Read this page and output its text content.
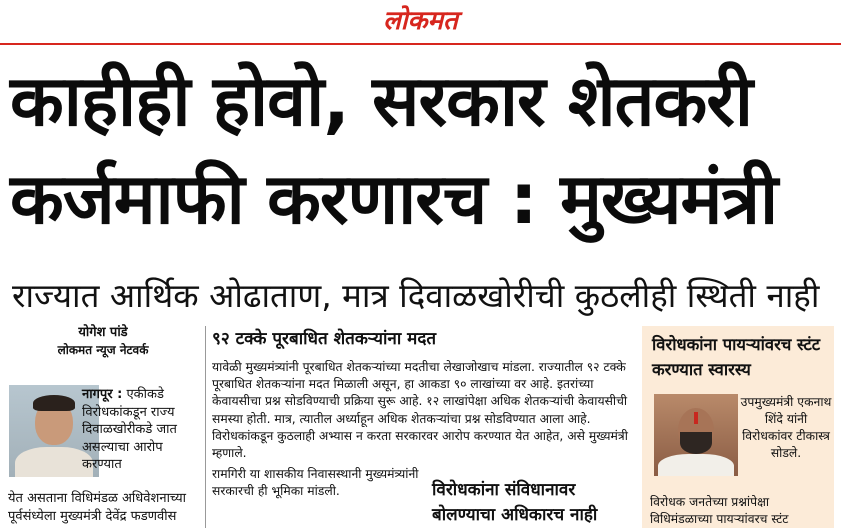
लोकमत
काहीही होवो, सरकार शेतकरी
कर्जमाफी करणारच : मुख्यमंत्री
राज्यात आर्थिक ओढाताण, मात्र दिवाळखोरीची कुठलीही स्थिती नाही
योगेश पांडे
लोकमत न्यूज नेटवर्क
नागपूर : एकीकडे विरोधकांकडून राज्य दिवाळखोरीकडे जात असल्याचा आरोप करण्यात
येत असताना विधिमंडळ अधिवेशनाच्या पूर्वसंध्येला मुख्यमंत्री देवेंद्र फडणवीस
९२ टक्के पूरबाधित शेतकऱ्यांना मदत
यावेळी मुख्यमंत्र्यांनी पूरबाधित शेतकऱ्यांच्या मदतीचा लेखाजोखाच मांडला. राज्यातील ९२ टक्के पूरबाधित शेतकऱ्यांना मदत मिळाली असून, हा आकडा ९० लाखांच्या वर आहे. इतरांच्या केवायसीचा प्रश्न सोडविण्याची प्रक्रिया सुरू आहे. १२ लाखांपेक्षा अधिक शेतकऱ्यांची केवायसीची समस्या होती. मात्र, त्यातील अर्ध्याहून अधिक शेतकऱ्यांचा प्रश्न सोडविण्यात आला आहे. विरोधकांकडून कुठलाही अभ्यास न करता सरकारवर आरोप करण्यात येत आहेत, असे मुख्यमंत्री म्हणाले.
रामगिरी या शासकीय निवासस्थानी मुख्यमंत्र्यांनी सरकारची ही भूमिका मांडली.	विरोधकांना संविधानावर बोलण्याचा अधिकारच नाही
विरोधकांना पायऱ्यांवरच स्टंट करण्यात स्वारस्य
उपमुख्यमंत्री एकनाथ शिंदे यांनी विरोधकांवर टीकास्त्र सोडले.
विरोधक जनतेच्या प्रश्नांपेक्षा विधिमंडळाच्या पायऱ्यांवरच स्टंट
